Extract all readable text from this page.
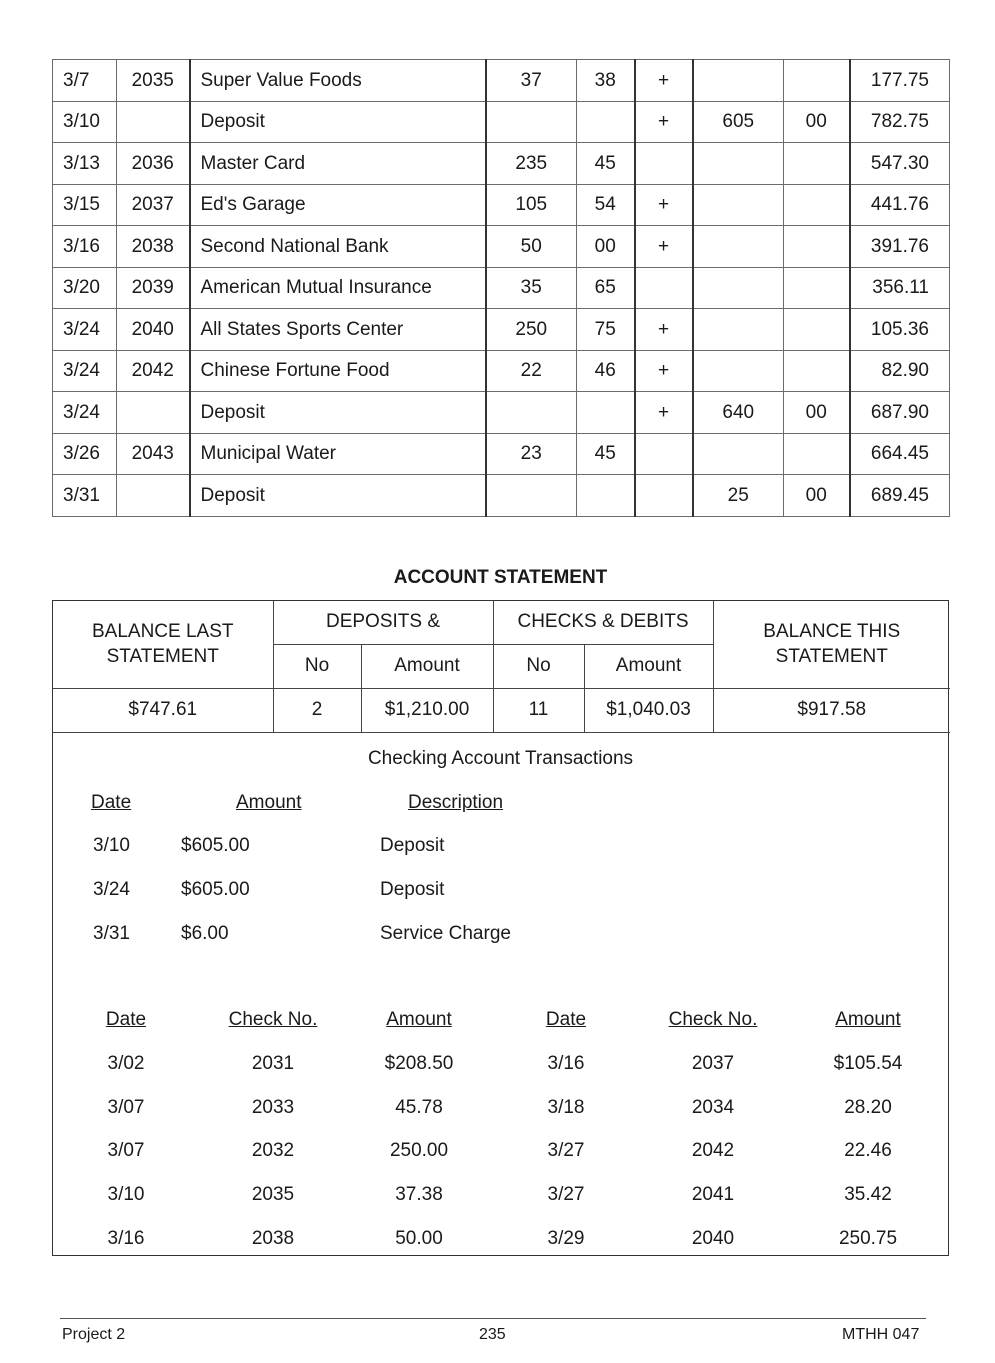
3/7	2035	Super Value Foods	37	38	+			177.75
3/10		Deposit			+	605	00	782.75
3/13	2036	Master Card	235	45				547.30
3/15	2037	Ed's Garage	105	54	+			441.76
3/16	2038	Second National Bank	50	00	+			391.76
3/20	2039	American Mutual Insurance	35	65				356.11
3/24	2040	All States Sports Center	250	75	+			105.36
3/24	2042	Chinese Fortune Food	22	46	+			82.90
3/24		Deposit			+	640	00	687.90
3/26	2043	Municipal Water	23	45				664.45
3/31		Deposit				25	00	689.45
ACCOUNT STATEMENT
BALANCE LAST STATEMENT	DEPOSITS &		CHECKS & DEBITS		BALANCE THIS STATEMENT
	No	Amount	No	Amount	
$747.61	2	$1,210.00	11	$1,040.03	$917.58
Checking Account Transactions
Date	Amount	Description
3/10	$605.00	Deposit
3/24	$605.00	Deposit
3/31	$6.00	Service Charge
Date	Check No.	Amount	Date	Check No.	Amount
3/02	2031	$208.50	3/16	2037	$105.54
3/07	2033	45.78	3/18	2034	28.20
3/07	2032	250.00	3/27	2042	22.46
3/10	2035	37.38	3/27	2041	35.42
3/16	2038	50.00	3/29	2040	250.75
Project 2	235	MTHH 047
